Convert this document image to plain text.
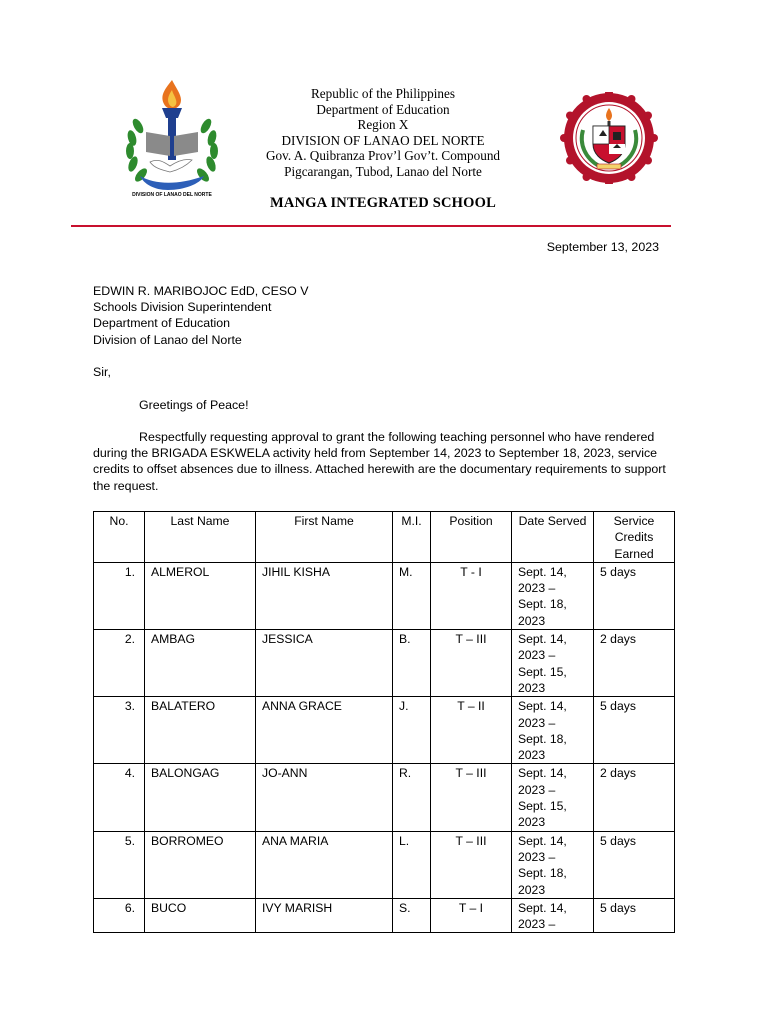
DIVISION OF LANAO DEL NORTE
Republic of the Philippines
Department of Education
Region X
DIVISION OF LANAO DEL NORTE
Gov. A. Quibranza Prov’l Gov’t. Compound
Pigcarangan, Tubod, Lanao del Norte
MANGA INTEGRATED SCHOOL
September 13, 2023
EDWIN R. MARIBOJOC EdD, CESO V
Schools Division Superintendent
Department of Education
Division of Lanao del Norte
Sir,
Greetings of Peace!
Respectfully requesting approval to grant the following teaching personnel who have rendered during the BRIGADA ESKWELA activity held from September 14, 2023 to September 18, 2023, service credits to offset absences due to illness. Attached herewith are the documentary requirements to support the request.
No.	Last Name	First Name	M.I.	Position	Date Served	Service Credits Earned
1.	ALMEROL	JIHIL KISHA	M.	T - I	Sept. 14, 2023 – Sept. 18, 2023	5 days
2.	AMBAG	JESSICA	B.	T – III	Sept. 14, 2023 – Sept. 15, 2023	2 days
3.	BALATERO	ANNA GRACE	J.	T – II	Sept. 14, 2023 – Sept. 18, 2023	5 days
4.	BALONGAG	JO-ANN	R.	T – III	Sept. 14, 2023 – Sept. 15, 2023	2 days
5.	BORROMEO	ANA MARIA	L.	T – III	Sept. 14, 2023 – Sept. 18, 2023	5 days
6.	BUCO	IVY MARISH	S.	T – I	Sept. 14, 2023 –	5 days
